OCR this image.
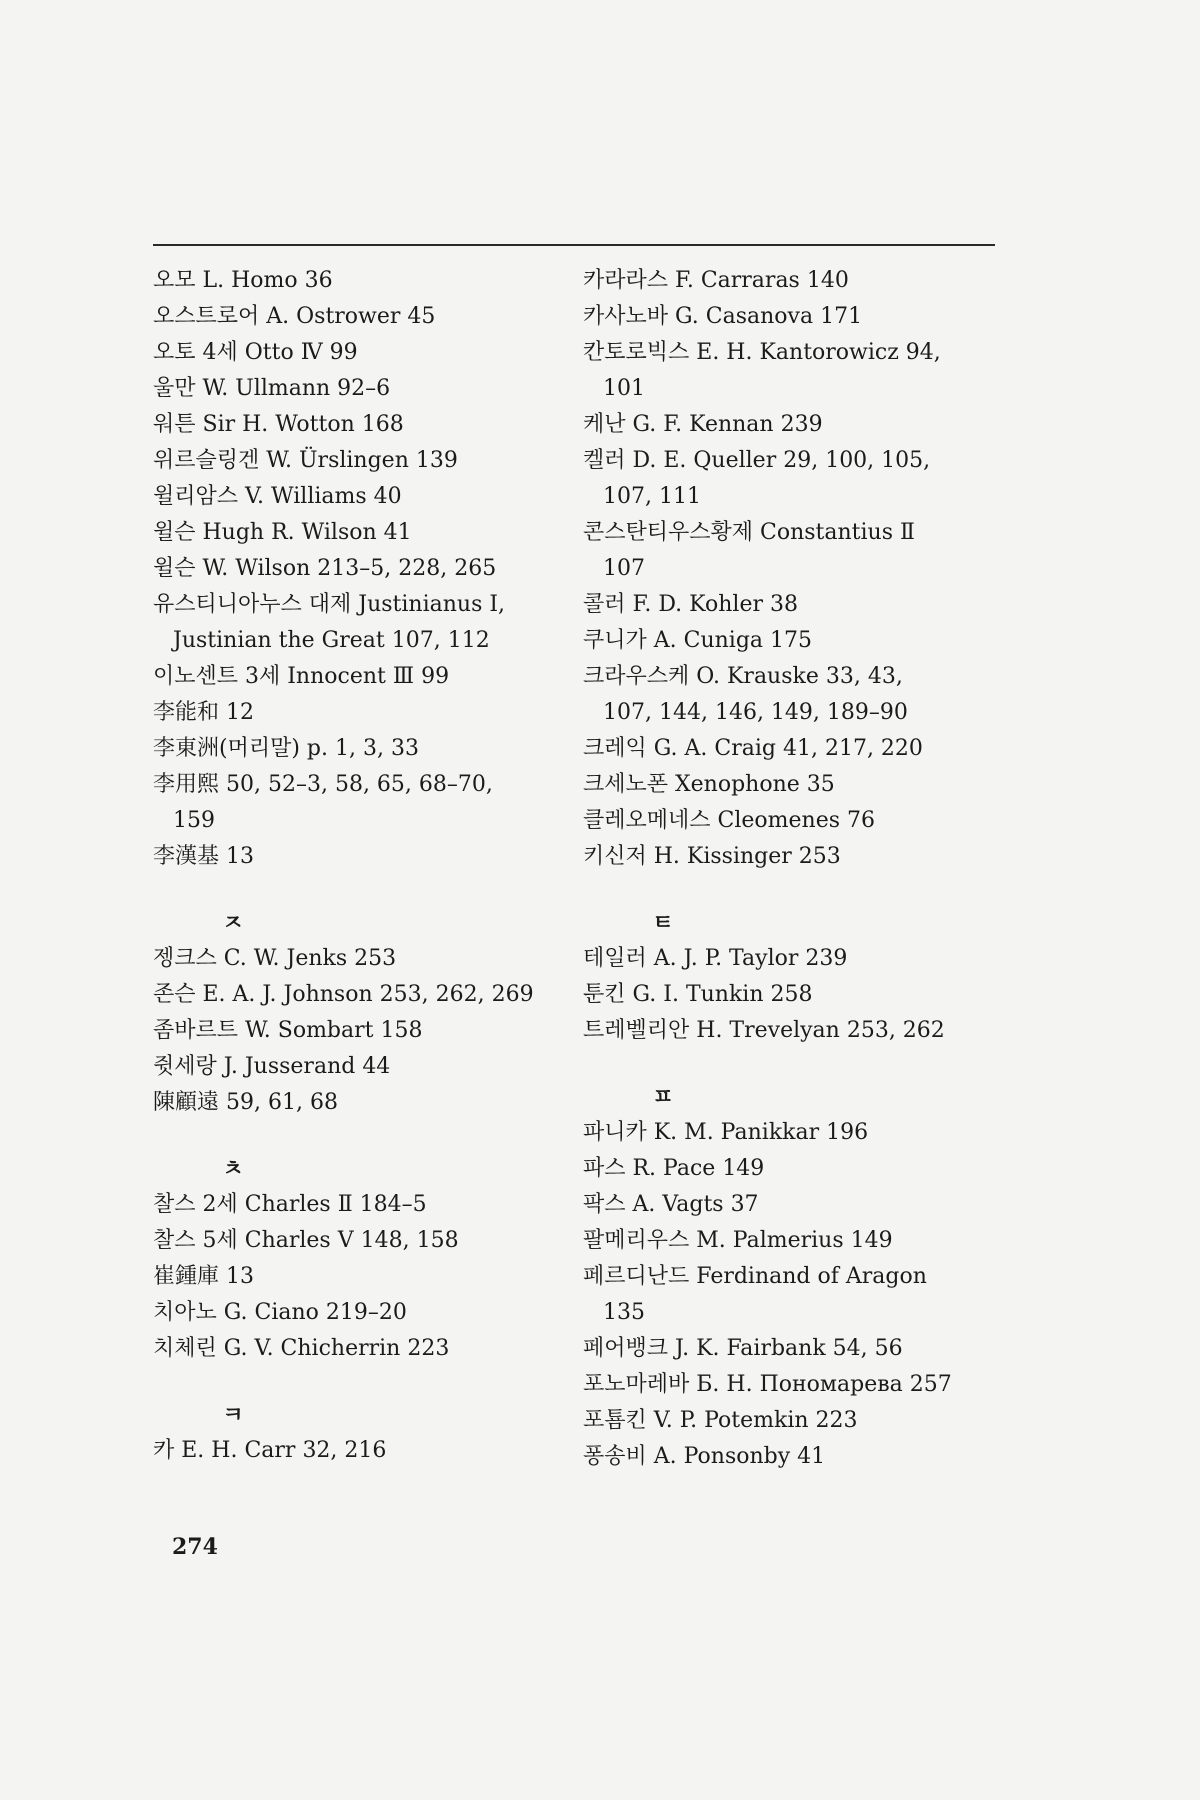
오모 L. Homo 36
오스트로어 A. Ostrower 45
오토 4세 Otto Ⅳ 99
울만 W. Ullmann 92–6
워튼 Sir H. Wotton 168
위르슬링겐 W. Ürslingen 139
윌리암스 V. Williams 40
윌슨 Hugh R. Wilson 41
윌슨 W. Wilson 213–5, 228, 265
유스티니아누스 대제 Justinianus Ⅰ,
Justinian the Great 107, 112
이노센트 3세 Innocent Ⅲ 99
李能和 12
李東洲(머리말) p. 1, 3, 33
李用熙 50, 52–3, 58, 65, 68–70,
159
李漢基 13
ㅈ
젱크스 C. W. Jenks 253
존슨 E. A. J. Johnson 253, 262, 269
좀바르트 W. Sombart 158
쥣세랑 J. Jusserand 44
陳顧遠 59, 61, 68
ㅊ
찰스 2세 Charles Ⅱ 184–5
찰스 5세 Charles Ⅴ 148, 158
崔鍾庫 13
치아노 G. Ciano 219–20
치체린 G. V. Chicherrin 223
ㅋ
카 E. H. Carr 32, 216
카라라스 F. Carraras 140
카사노바 G. Casanova 171
칸토로빅스 E. H. Kantorowicz 94,
101
케난 G. F. Kennan 239
켈러 D. E. Queller 29, 100, 105,
107, 111
콘스탄티우스황제 Constantius Ⅱ
107
콜러 F. D. Kohler 38
쿠니가 A. Cuniga 175
크라우스케 O. Krauske 33, 43,
107, 144, 146, 149, 189–90
크레익 G. A. Craig 41, 217, 220
크세노폰 Xenophone 35
클레오메네스 Cleomenes 76
키신저 H. Kissinger 253
ㅌ
테일러 A. J. P. Taylor 239
툰킨 G. I. Tunkin 258
트레벨리안 H. Trevelyan 253, 262
ㅍ
파니카 K. M. Panikkar 196
파스 R. Pace 149
팍스 A. Vagts 37
팔메리우스 M. Palmerius 149
페르디난드 Ferdinand of Aragon
135
페어뱅크 J. K. Fairbank 54, 56
포노마레바 Б. Н. Пономарева 257
포툠킨 V. P. Potemkin 223
퐁송비 A. Ponsonby 41
274
